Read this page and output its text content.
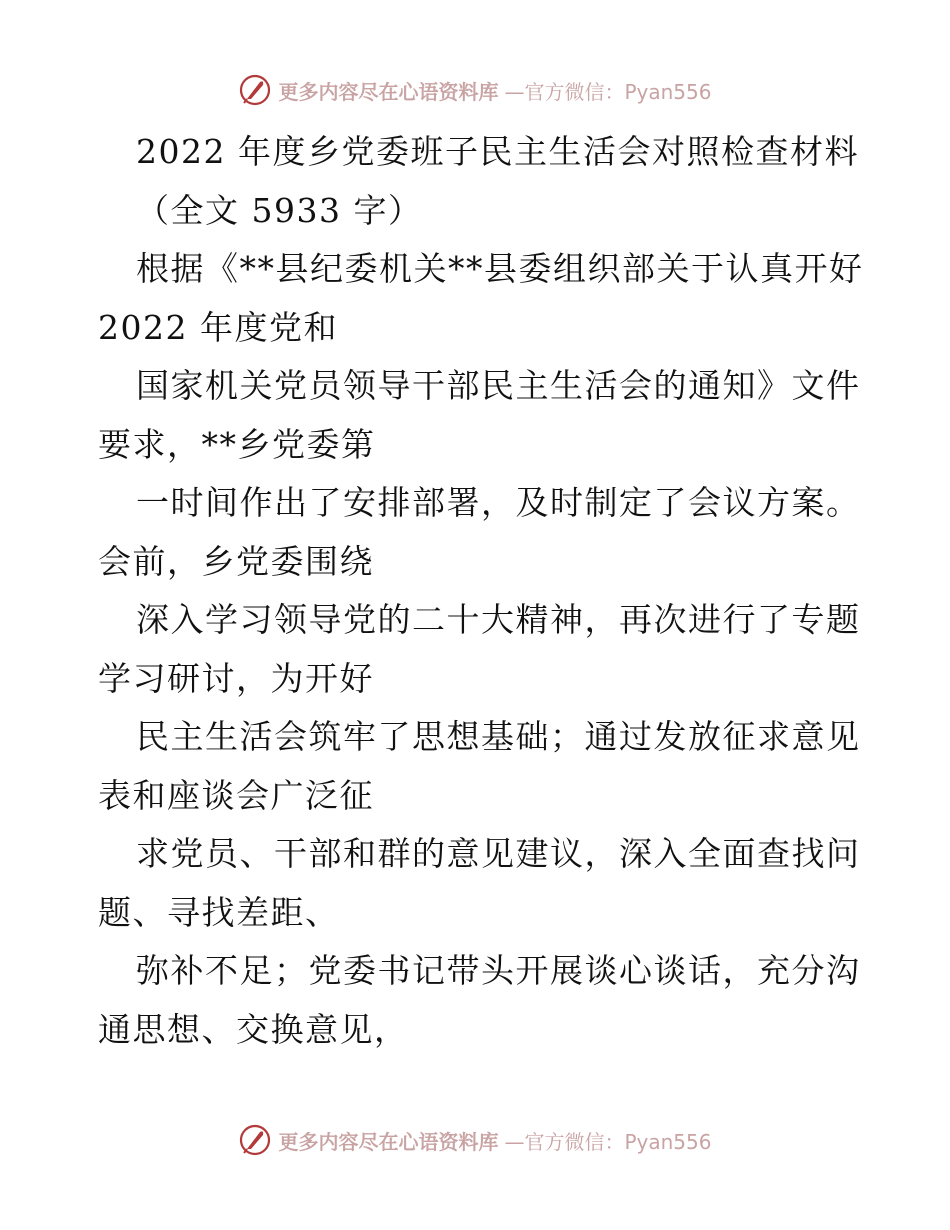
更多内容尽在心语资料库 —官方微信：Pyan556
2022 年度乡党委班子民主生活会对照检查材料
（全文 5933 字）
根据《**县纪委机关**县委组织部关于认真开好
2022 年度党和
国家机关党员领导干部民主生活会的通知》文件
要求，**乡党委第
一时间作出了安排部署，及时制定了会议方案。
会前，乡党委围绕
深入学习领导党的二十大精神，再次进行了专题
学习研讨，为开好
民主生活会筑牢了思想基础；通过发放征求意见
表和座谈会广泛征
求党员、干部和群的意见建议，深入全面查找问
题、寻找差距、
弥补不足；党委书记带头开展谈心谈话，充分沟
通思想、交换意见，
更多内容尽在心语资料库 —官方微信：Pyan556
